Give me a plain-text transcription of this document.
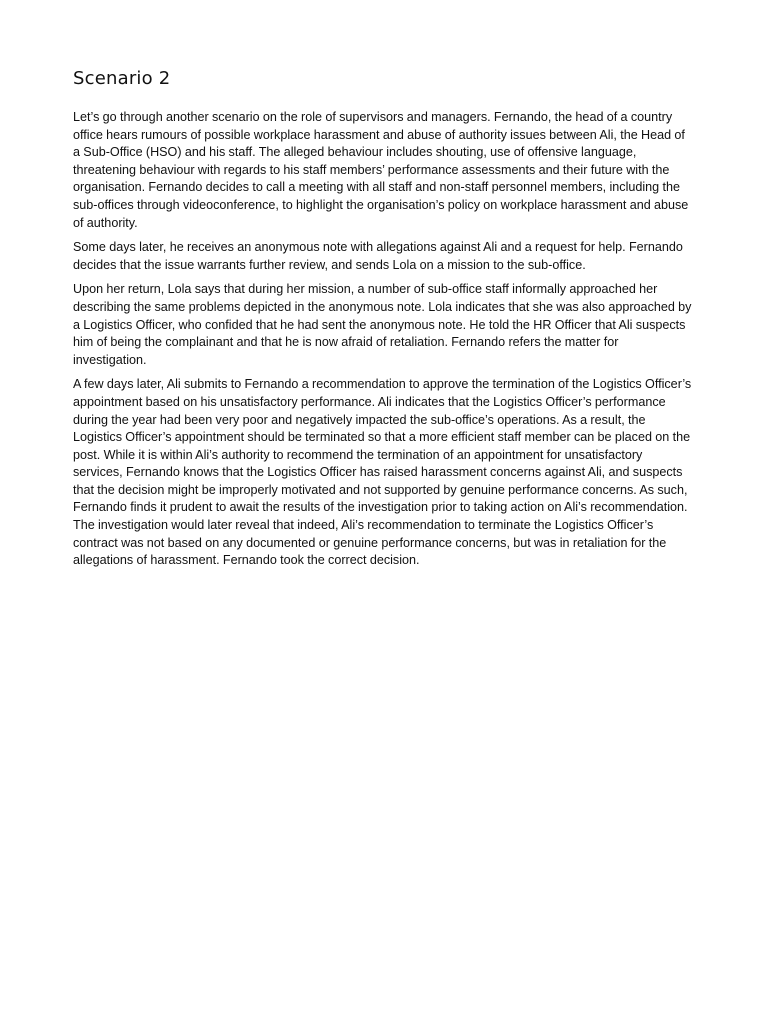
Scenario 2

Let’s go through another scenario on the role of supervisors and managers. Fernando, the head of a country office hears rumours of possible workplace harassment and abuse of authority issues between Ali, the Head of a Sub-Office (HSO) and his staff. The alleged behaviour includes shouting, use of offensive language, threatening behaviour with regards to his staff members’ performance assessments and their future with the organisation. Fernando decides to call a meeting with all staff and non-staff personnel members, including the sub-offices through videoconference, to highlight the organisation’s policy on workplace harassment and abuse of authority.

Some days later, he receives an anonymous note with allegations against Ali and a request for help. Fernando decides that the issue warrants further review, and sends Lola on a mission to the sub-office.

Upon her return, Lola says that during her mission, a number of sub-office staff informally approached her describing the same problems depicted in the anonymous note. Lola indicates that she was also approached by a Logistics Officer, who confided that he had sent the anonymous note. He told the HR Officer that Ali suspects him of being the complainant and that he is now afraid of retaliation. Fernando refers the matter for investigation.

A few days later, Ali submits to Fernando a recommendation to approve the termination of the Logistics Officer’s appointment based on his unsatisfactory performance. Ali indicates that the Logistics Officer’s performance during the year had been very poor and negatively impacted the sub-office’s operations. As a result, the Logistics Officer’s appointment should be terminated so that a more efficient staff member can be placed on the post. While it is within Ali’s authority to recommend the termination of an appointment for unsatisfactory services, Fernando knows that the Logistics Officer has raised harassment concerns against Ali, and suspects that the decision might be improperly motivated and not supported by genuine performance concerns. As such, Fernando finds it prudent to await the results of the investigation prior to taking action on Ali’s recommendation. The investigation would later reveal that indeed, Ali’s recommendation to terminate the Logistics Officer’s contract was not based on any documented or genuine performance concerns, but was in retaliation for the allegations of harassment. Fernando took the correct decision.
